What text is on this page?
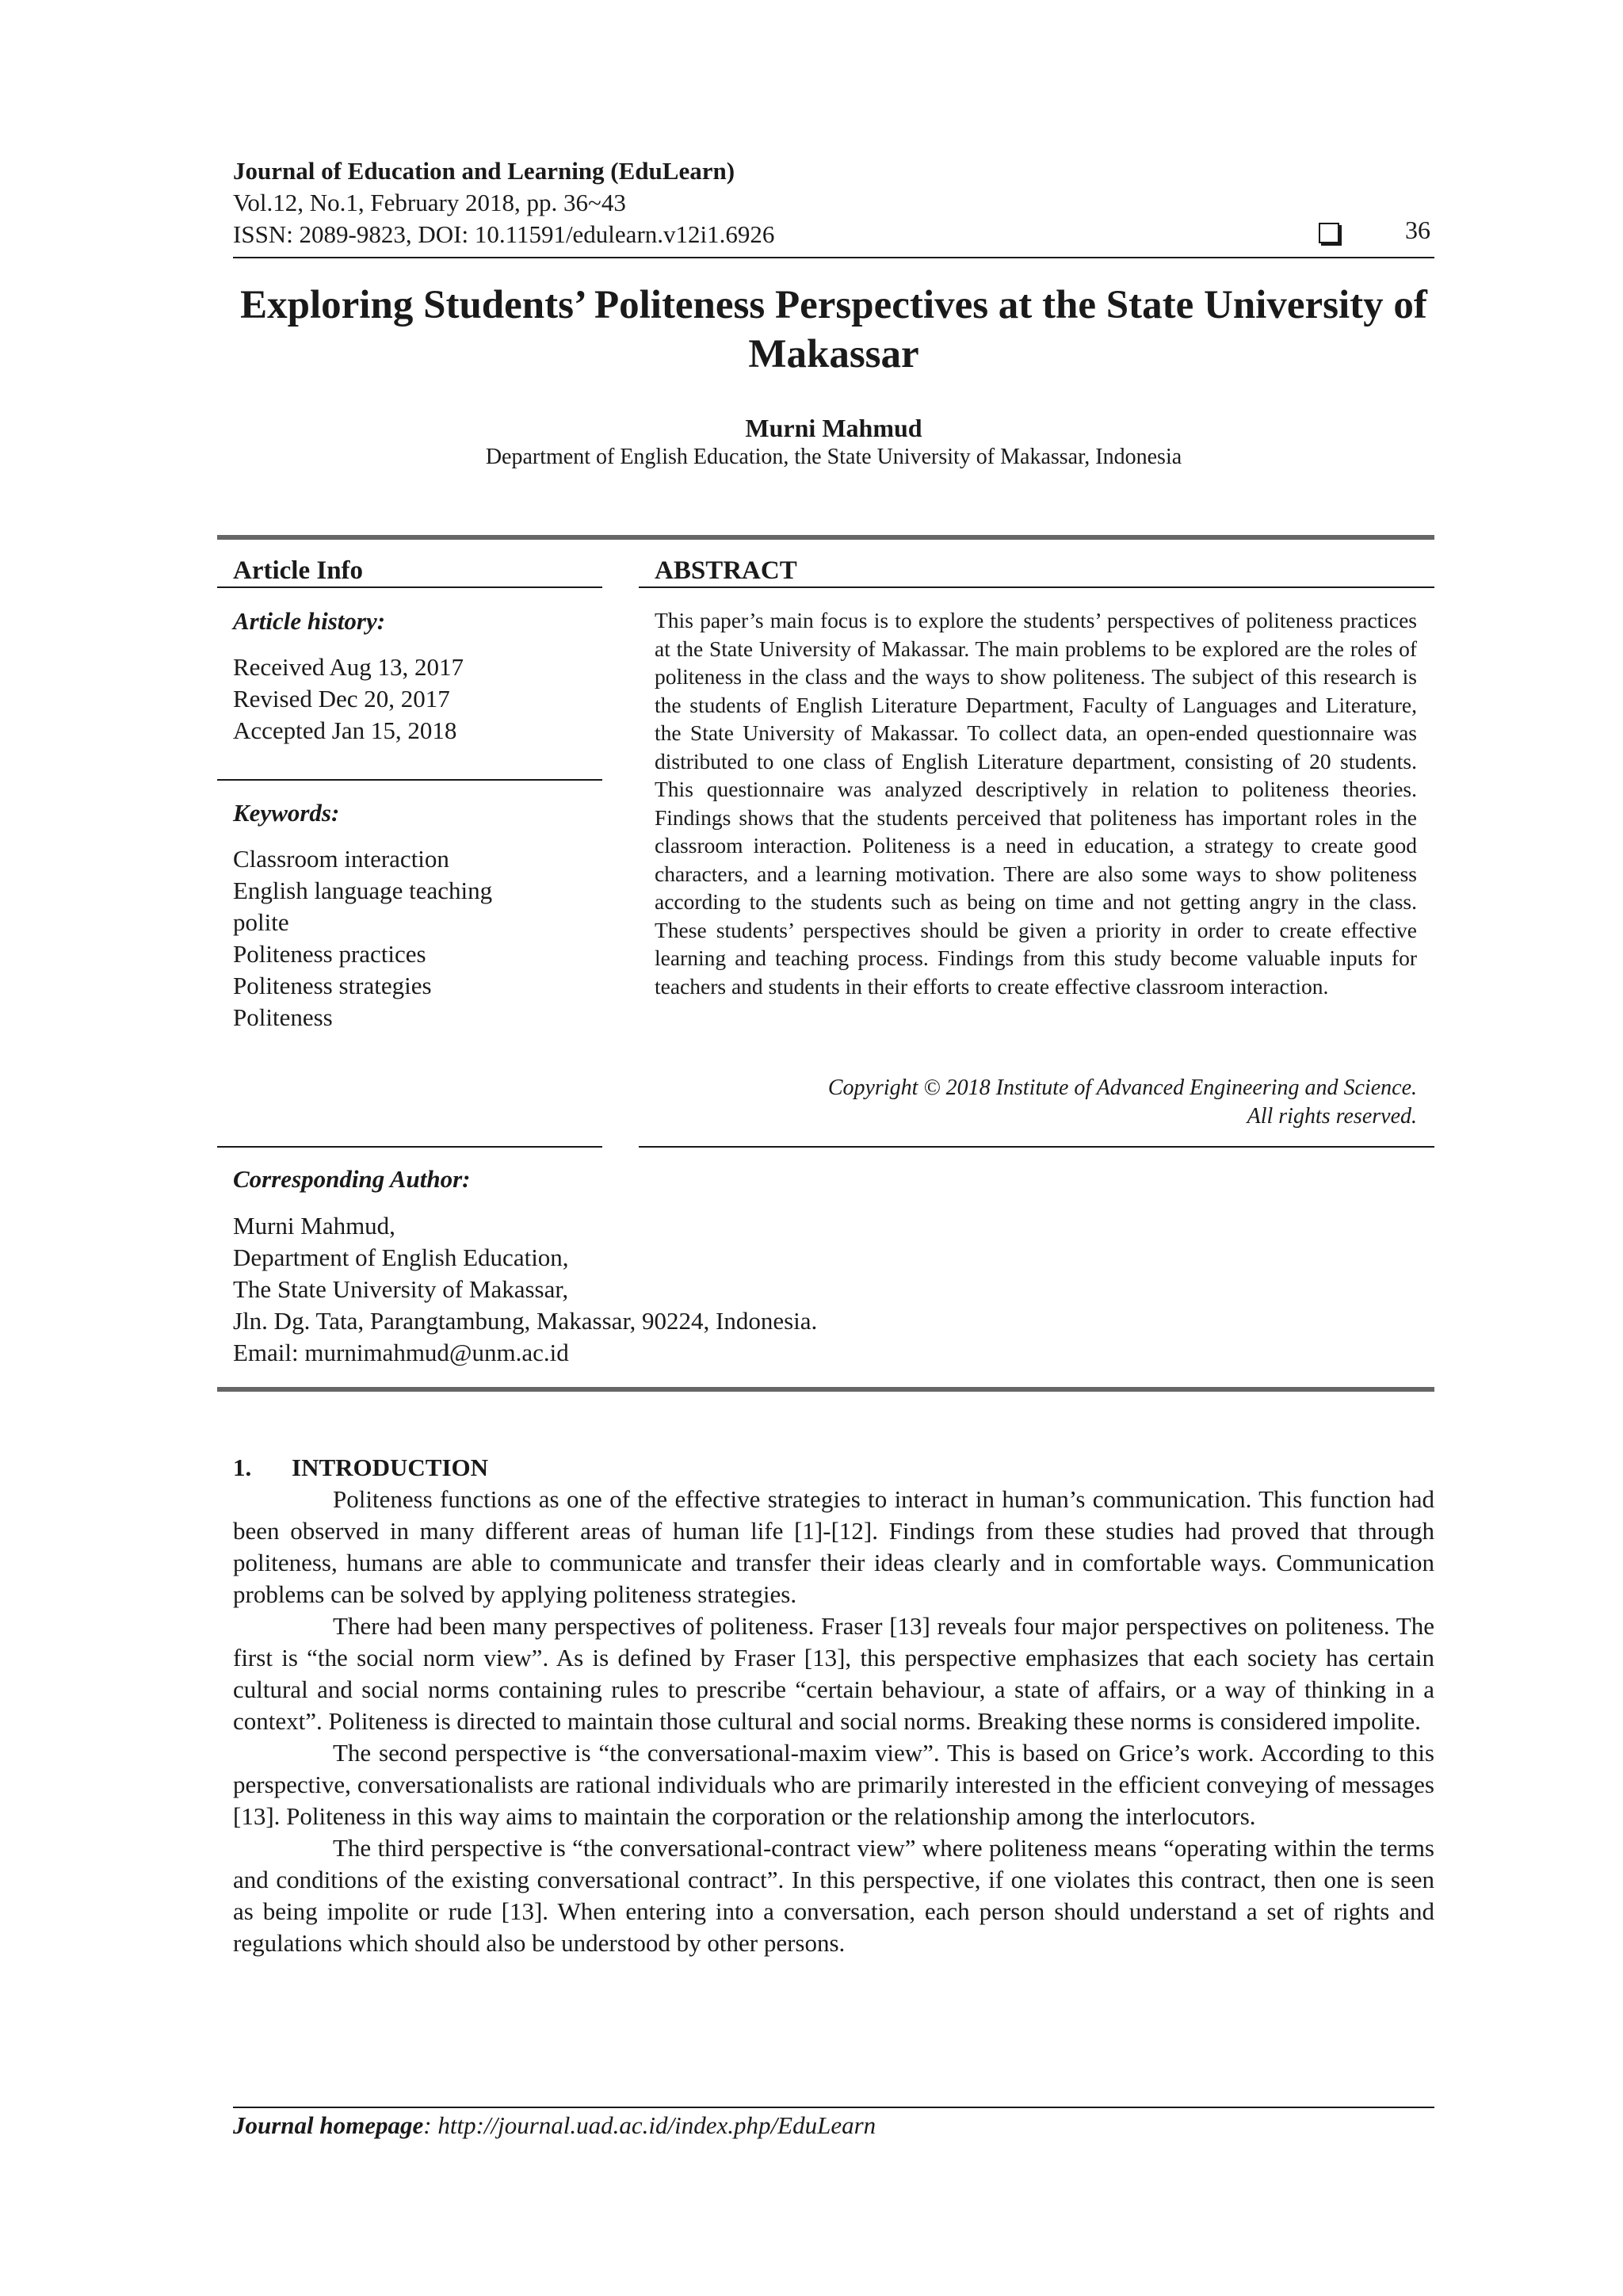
Journal of Education and Learning (EduLearn)
Vol.12, No.1, February 2018, pp. 36~43
ISSN: 2089-9823, DOI: 10.11591/edulearn.v12i1.6926	36
Exploring Students’ Politeness Perspectives at the State University of Makassar
Murni Mahmud
Department of English Education, the State University of Makassar, Indonesia
Article Info
Article history:
Received Aug 13, 2017
Revised Dec 20, 2017
Accepted Jan 15, 2018
Keywords:
Classroom interaction
English language teaching
polite
Politeness practices
Politeness strategies
Politeness
ABSTRACT
This paper’s main focus is to explore the students’ perspectives of politeness practices at the State University of Makassar. The main problems to be explored are the roles of politeness in the class and the ways to show politeness. The subject of this research is the students of English Literature Department, Faculty of Languages and Literature, the State University of Makassar. To collect data, an open-ended questionnaire was distributed to one class of English Literature department, consisting of 20 students. This questionnaire was analyzed descriptively in relation to politeness theories. Findings shows that the students perceived that politeness has important roles in the classroom interaction. Politeness is a need in education, a strategy to create good characters, and a learning motivation. There are also some ways to show politeness according to the students such as being on time and not getting angry in the class. These students’ perspectives should be given a priority in order to create effective learning and teaching process. Findings from this study become valuable inputs for teachers and students in their efforts to create effective classroom interaction.
Copyright © 2018 Institute of Advanced Engineering and Science.
All rights reserved.
Corresponding Author:
Murni Mahmud,
Department of English Education,
The State University of Makassar,
Jln. Dg. Tata, Parangtambung, Makassar, 90224, Indonesia.
Email: murnimahmud@unm.ac.id
1. INTRODUCTION

Politeness functions as one of the effective strategies to interact in human’s communication. This function had been observed in many different areas of human life [1]-[12]. Findings from these studies had proved that through politeness, humans are able to communicate and transfer their ideas clearly and in comfortable ways. Communication problems can be solved by applying politeness strategies.

There had been many perspectives of politeness. Fraser [13] reveals four major perspectives on politeness. The first is “the social norm view”. As is defined by Fraser [13], this perspective emphasizes that each society has certain cultural and social norms containing rules to prescribe “certain behaviour, a state of affairs, or a way of thinking in a context”. Politeness is directed to maintain those cultural and social norms. Breaking these norms is considered impolite.

The second perspective is “the conversational-maxim view”. This is based on Grice’s work. According to this perspective, conversationalists are rational individuals who are primarily interested in the efficient conveying of messages [13]. Politeness in this way aims to maintain the corporation or the relationship among the interlocutors.

The third perspective is “the conversational-contract view” where politeness means “operating within the terms and conditions of the existing conversational contract”. In this perspective, if one violates this contract, then one is seen as being impolite or rude [13]. When entering into a conversation, each person should understand a set of rights and regulations which should also be understood by other persons.

Journal homepage: http://journal.uad.ac.id/index.php/EduLearn
